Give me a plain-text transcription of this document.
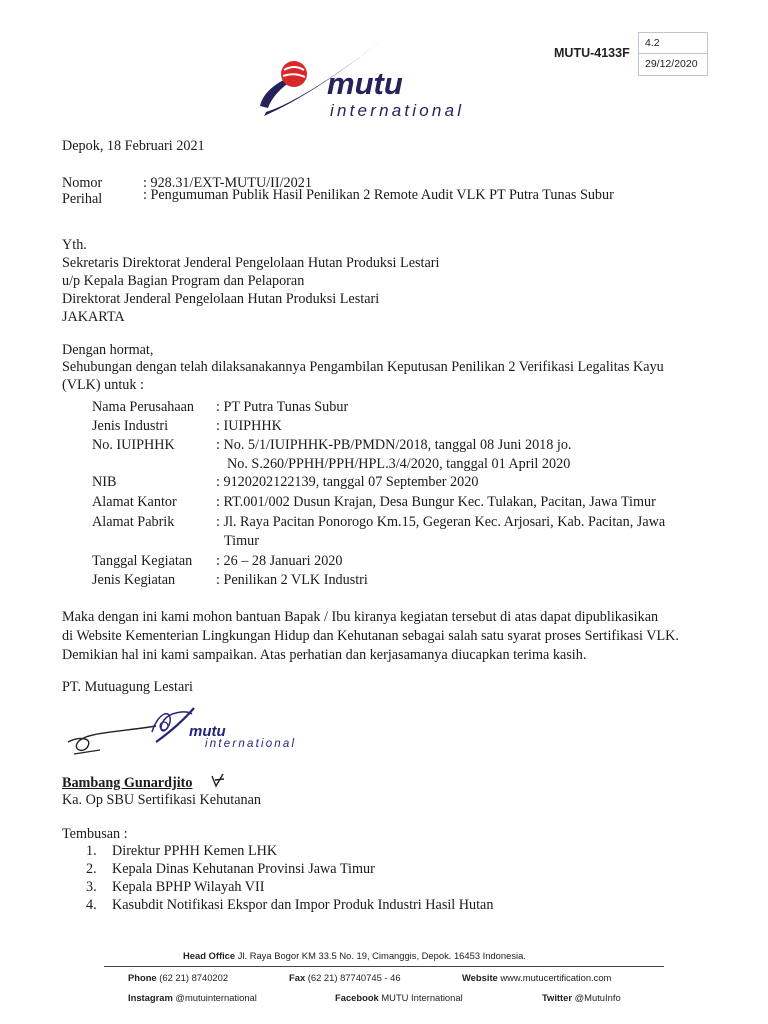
mutu
international
MUTU-4133F
4.2
29/12/2020
Depok, 18 Februari 2021
Nomor	: 928.31/EXT-MUTU/II/2021
Perihal	: Pengumuman Publik Hasil Penilikan 2 Remote Audit VLK PT Putra Tunas Subur
Yth.
Sekretaris Direktorat Jenderal Pengelolaan Hutan Produksi Lestari
u/p Kepala Bagian Program dan Pelaporan
Direktorat Jenderal Pengelolaan Hutan Produksi Lestari
JAKARTA
Dengan hormat,
Sehubungan dengan telah dilaksanakannya Pengambilan Keputusan Penilikan 2 Verifikasi Legalitas Kayu
(VLK) untuk :
Nama Perusahaan : PT Putra Tunas Subur
Jenis Industri	: IUIPHHK
No. IUIPHHK	: No. 5/1/IUIPHHK-PB/PMDN/2018, tanggal 08 Juni 2018 jo.
No. S.260/PPHH/PPH/HPL.3/4/2020, tanggal 01 April 2020
NIB	: 9120202122139, tanggal 07 September 2020
Alamat Kantor	: RT.001/002 Dusun Krajan, Desa Bungur Kec. Tulakan, Pacitan, Jawa Timur
Alamat Pabrik	: Jl. Raya Pacitan Ponorogo Km.15, Gegeran Kec. Arjosari, Kab. Pacitan, Jawa
Timur
Tanggal Kegiatan : 26 – 28 Januari 2020
Jenis Kegiatan	: Penilikan 2 VLK Industri
Maka dengan ini kami mohon bantuan Bapak / Ibu kiranya kegiatan tersebut di atas dapat dipublikasikan
di Website Kementerian Lingkungan Hidup dan Kehutanan sebagai salah satu syarat proses Sertifikasi VLK.
Demikian hal ini kami sampaikan. Atas perhatian dan kerjasamanya diucapkan terima kasih.
PT. Mutuagung Lestari
mutu
international
Bambang Gunardjito
Ka. Op SBU Sertifikasi Kehutanan
Tembusan :
1. Direktur PPHH Kemen LHK
2. Kepala Dinas Kehutanan Provinsi Jawa Timur
3. Kepala BPHP Wilayah VII
4. Kasubdit Notifikasi Ekspor dan Impor Produk Industri Hasil Hutan
Head Office Jl. Raya Bogor KM 33.5 No. 19, Cimanggis, Depok. 16453 Indonesia.
Phone (62 21) 8740202	Fax (62 21) 87740745 - 46	Website www.mutucertification.com
Instagram @mutuinternational	Facebook MUTU International	Twitter @MutuInfo
